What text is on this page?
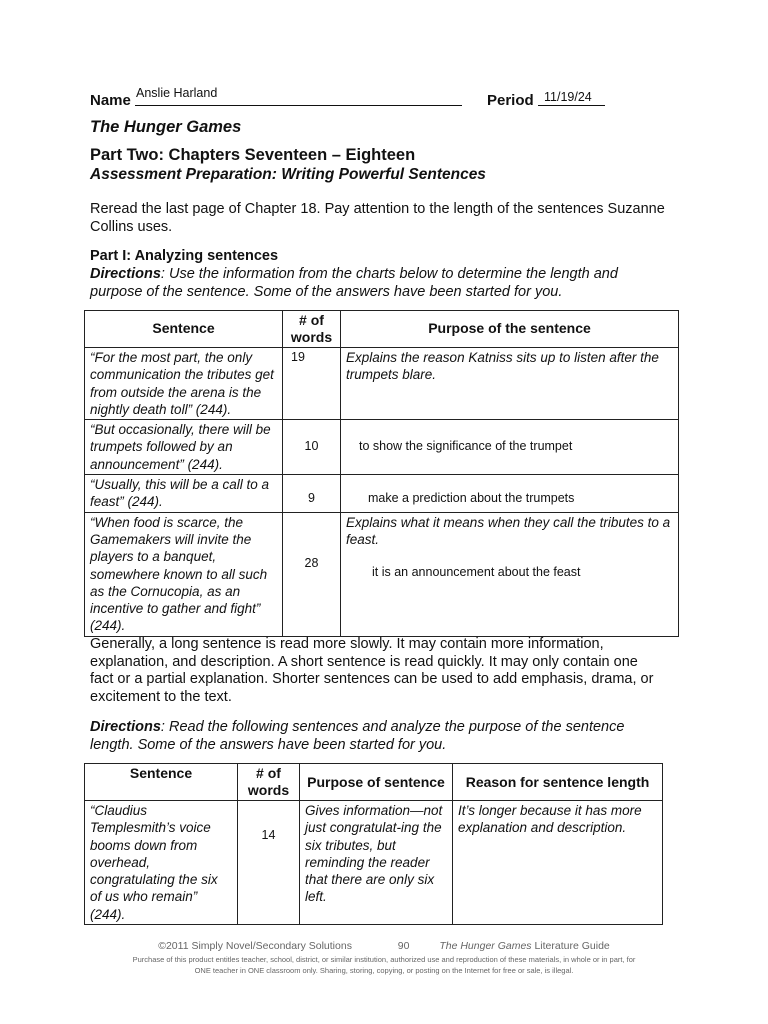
Name Anslie Harland	Period 11/19/24
The Hunger Games
Part Two: Chapters Seventeen – Eighteen
Assessment Preparation: Writing Powerful Sentences
Reread the last page of Chapter 18. Pay attention to the length of the sentences Suzanne Collins uses.
Part I: Analyzing sentences
Directions: Use the information from the charts below to determine the length and purpose of the sentence. Some of the answers have been started for you.
Sentence	# of words	Purpose of the sentence
“For the most part, the only communication the tributes get from outside the arena is the nightly death toll” (244).	19	Explains the reason Katniss sits up to listen after the trumpets blare.
“But occasionally, there will be trumpets followed by an announcement” (244).	10	to show the significance of the trumpet
“Usually, this will be a call to a feast” (244).	9	make a prediction about the trumpets
“When food is scarce, the Gamemakers will invite the players to a banquet, somewhere known to all such as the Cornucopia, as an incentive to gather and fight” (244).	28	Explains what it means when they call the tributes to a feast.
it is an announcement about the feast
Generally, a long sentence is read more slowly. It may contain more information, explanation, and description. A short sentence is read quickly. It may only contain one fact or a partial explanation. Shorter sentences can be used to add emphasis, drama, or excitement to the text.
Directions: Read the following sentences and analyze the purpose of the sentence length. Some of the answers have been started for you.
Sentence	# of words	Purpose of sentence	Reason for sentence length
“Claudius Templesmith’s voice booms down from overhead, congratulating the six of us who remain” (244).	14	Gives information—not just congratulat-ing the six tributes, but reminding the reader that there are only six left.	It’s longer because it has more explanation and description.
©2011 Simply Novel/Secondary Solutions	90	The Hunger Games Literature Guide
Purchase of this product entitles teacher, school, district, or similar institution, authorized use and reproduction of these materials, in whole or in part, for
ONE teacher in ONE classroom only. Sharing, storing, copying, or posting on the Internet for free or sale, is illegal.
